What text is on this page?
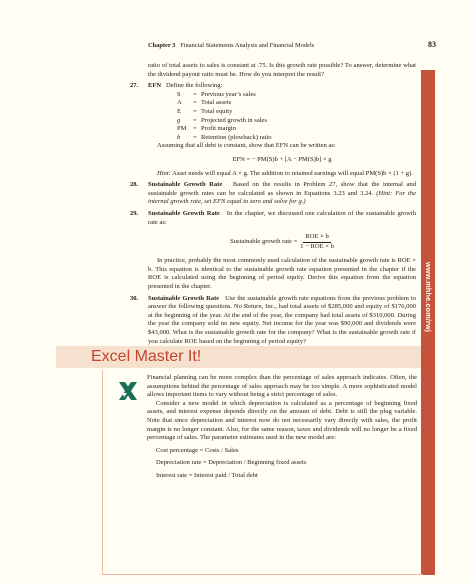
Chapter 3 Financial Statements Analysis and Financial Models	83
www.mhhe.com/rwj

ratio of total assets to sales is constant at .75. Is this growth rate possible? To answer, determine what the dividend payout ratio must be. How do you interpret the result?

27.	EFN Define the following:
S	= Previous year’s sales
A	= Total assets
E	= Total equity
g	= Projected growth in sales
PM = Profit margin
b	= Retention (plowback) ratio
Assuming that all debt is constant, show that EFN can be written as:
EFN = − PM(S)b + [A − PM(S)b] × g
Hint: Asset needs will equal A × g. The addition to retained earnings will equal PM(S)b × (1 + g).
28.	Sustainable Growth Rate Based on the results in Problem 27, show that the internal and sustainable growth rates can be calculated as shown in Equations 3.23 and 3.24. (Hint: For the internal growth rate, set EFN equal to zero and solve for g.)
29.	Sustainable Growth Rate In the chapter, we discussed one calculation of the sustainable growth rate as:
Sustainable growth rate = $\frac{\text{ROE × b}}{\text{1 − ROE × b}}$
In practice, probably the most commonly used calculation of the sustainable growth rate is ROE × b. This equation is identical to the sustainable growth rate equation presented in the chapter if the ROE is calculated using the beginning of period equity. Derive this equation from the equation presented in the chapter.
30.	Sustainable Growth Rate Use the sustainable growth rate equations from the previous problem to answer the following questions. No Return, Inc., had total assets of $285,000 and equity of $176,000 at the beginning of the year. At the end of the year, the company had total assets of $310,000. During the year the company sold no new equity. Net income for the year was $90,000 and dividends were $43,000. What is the sustainable growth rate for the company? What is the sustainable growth rate if you calculate ROE based on the beginning of period equity?
Excel Master It!

Financial planning can be more complex than the percentage of sales approach indicates. Often, the assumptions behind the percentage of sales approach may be too simple. A more sophisticated model allows important items to vary without being a strict percentage of sales.

Consider a new model in which depreciation is calculated as a percentage of beginning fixed assets, and interest expense depends directly on the amount of debt. Debt is still the plug variable. Note that since depreciation and interest now do not necessarily vary directly with sales, the profit margin is no longer constant. Also, for the same reason, taxes and dividends will no longer be a fixed percentage of sales. The parameter estimates used in the new model are:

Cost percentage = Costs / Sales
Depreciation rate = Depreciation / Beginning fixed assets
Interest rate = Interest paid / Total debt
